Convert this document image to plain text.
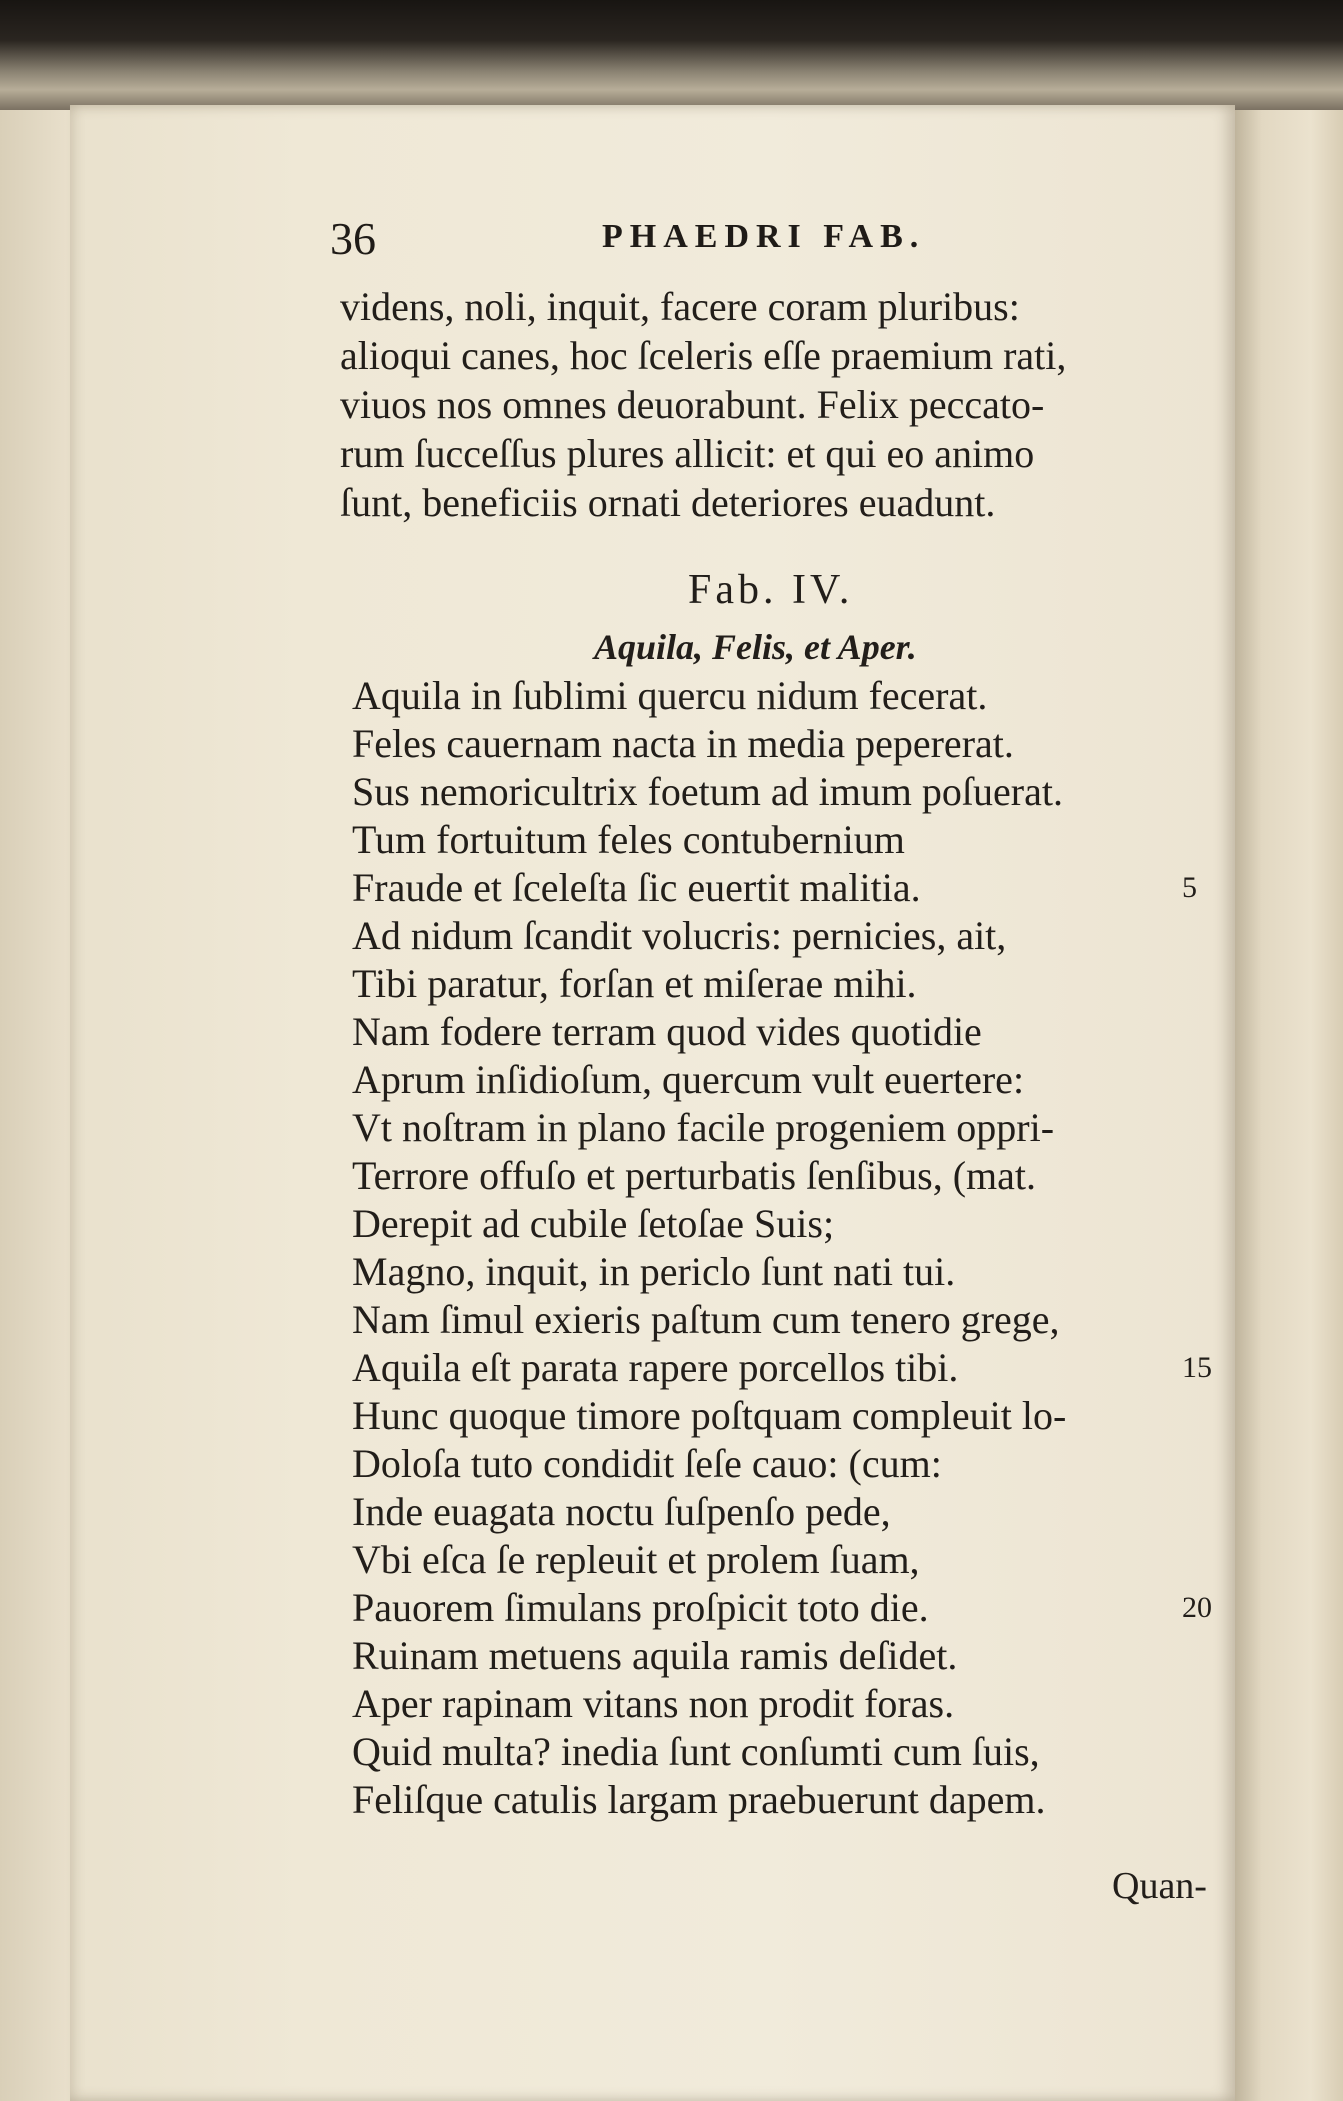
36	PHAEDRI FAB.
videns, noli, inquit, facere coram pluribus:
alioqui canes, hoc ſceleris eſſe praemium rati,
viuos nos omnes deuorabunt. Felix peccato-
rum ſucceſſus plures allicit: et qui eo animo
ſunt, beneficiis ornati deteriores euadunt.
Fab. IV.
Aquila, Felis, et Aper.
Aquila in ſublimi quercu nidum fecerat.
Feles cauernam nacta in media pepererat.
Sus nemoricultrix foetum ad imum poſuerat.
Tum fortuitum feles contubernium
Fraude et ſceleſta ſic euertit malitia.	5
Ad nidum ſcandit volucris: pernicies, ait,
Tibi paratur, forſan et miſerae mihi.
Nam fodere terram quod vides quotidie
Aprum inſidioſum, quercum vult euertere:
Vt noſtram in plano facile progeniem oppri-
Terrore offuſo et perturbatis ſenſibus, (mat.
Derepit ad cubile ſetoſae Suis;
Magno, inquit, in periclo ſunt nati tui.
Nam ſimul exieris paſtum cum tenero grege,
Aquila eſt parata rapere porcellos tibi.	15
Hunc quoque timore poſtquam compleuit lo-
Doloſa tuto condidit ſeſe cauo: (cum:
Inde euagata noctu ſuſpenſo pede,
Vbi eſca ſe repleuit et prolem ſuam,
Pauorem ſimulans proſpicit toto die.	20
Ruinam metuens aquila ramis deſidet.
Aper rapinam vitans non prodit foras.
Quid multa? inedia ſunt conſumti cum ſuis,
Feliſque catulis largam praebuerunt dapem.
Quan-
